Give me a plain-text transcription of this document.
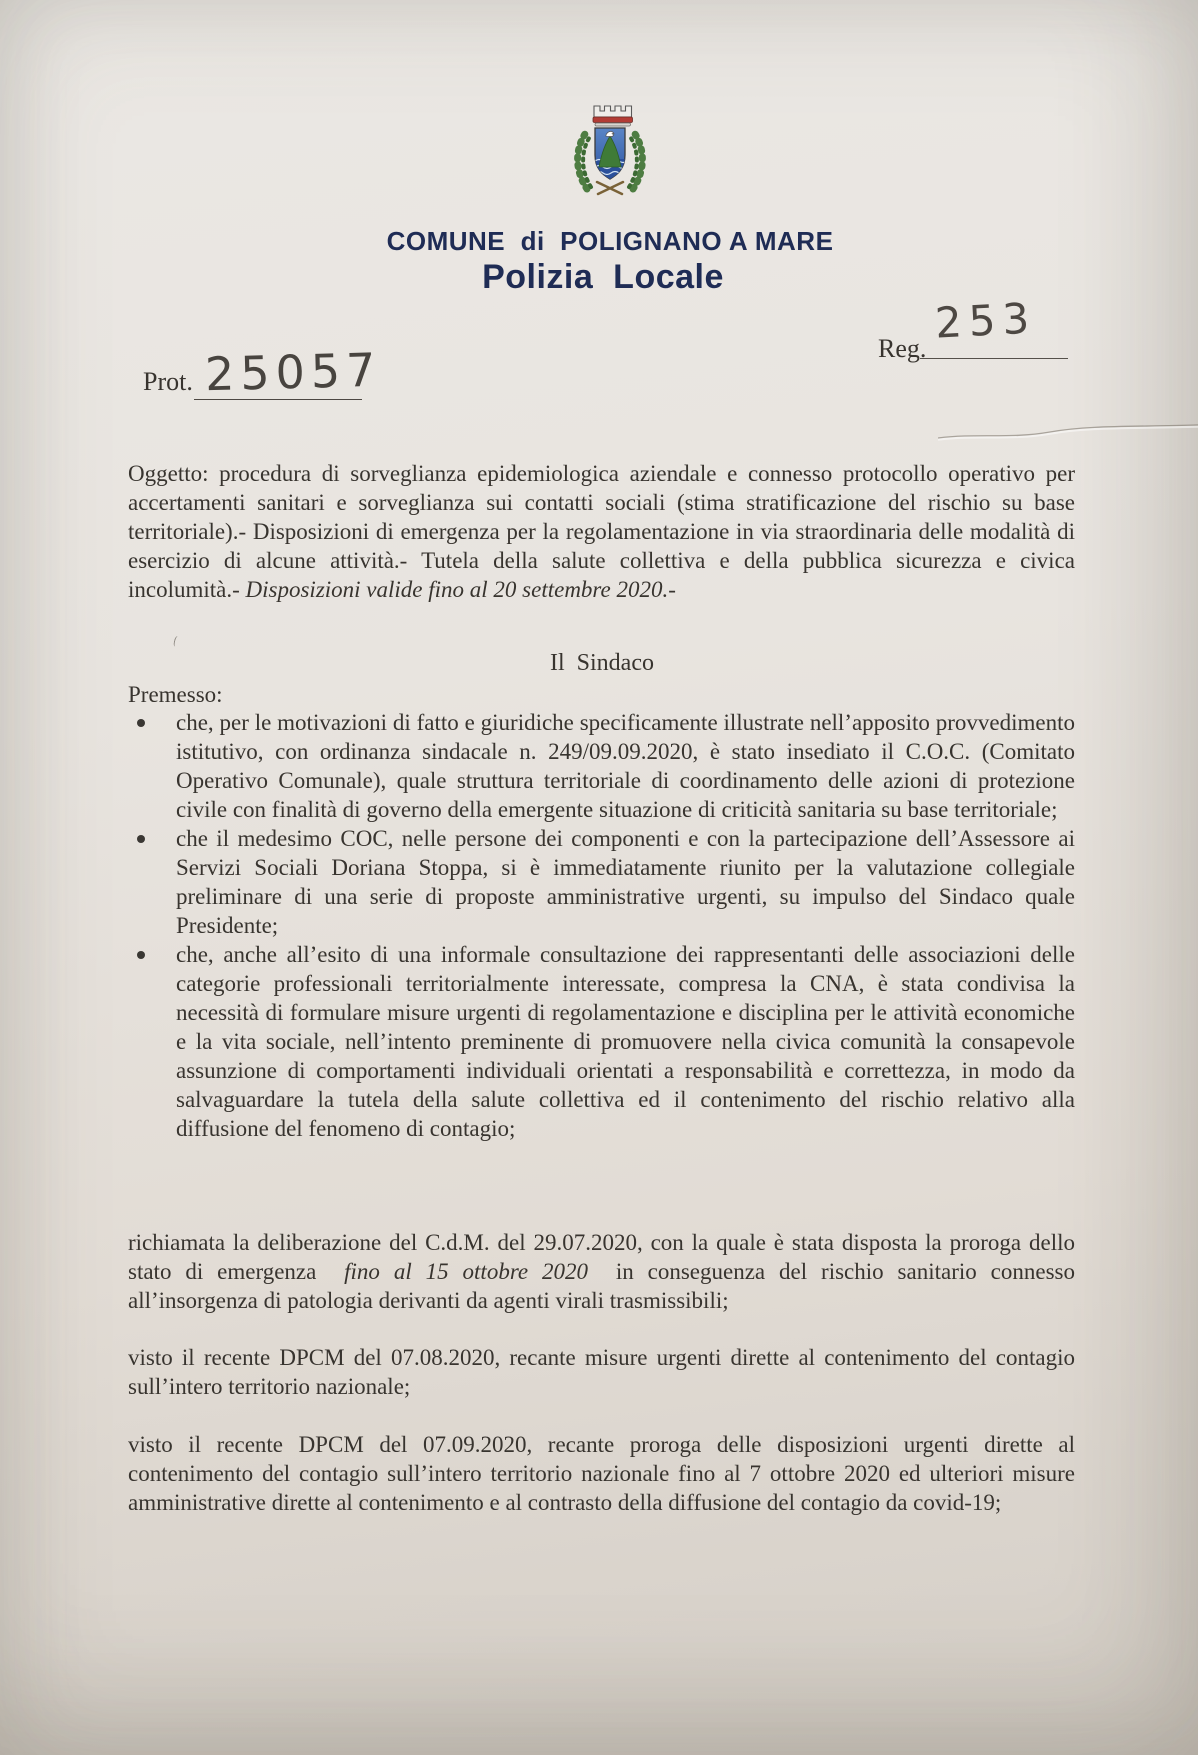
COMUNE  di  POLIGNANO A MARE
Polizia  Locale
Reg.
253
Prot. 25057

Oggetto: procedura di sorveglianza epidemiologica aziendale e connesso protocollo operativo per accertamenti sanitari e sorveglianza sui contatti sociali (stima stratificazione del rischio su base territoriale).- Disposizioni di emergenza per la regolamentazione in via straordinaria delle modalità di esercizio di alcune attività.- Tutela della salute collettiva e della pubblica sicurezza e civica incolumità.- Disposizioni valide fino al 20 settembre 2020.-

Il  Sindaco
Premesso:
che, per le motivazioni di fatto e giuridiche specificamente illustrate nell’apposito provvedimento istitutivo, con ordinanza sindacale n. 249/09.09.2020, è stato insediato il C.O.C. (Comitato Operativo Comunale), quale struttura territoriale di coordinamento delle azioni di protezione civile con finalità di governo della emergente situazione di criticità sanitaria su base territoriale;
che il medesimo COC, nelle persone dei componenti e con la partecipazione dell’Assessore ai Servizi Sociali Doriana Stoppa, si è immediatamente riunito per la valutazione collegiale preliminare di una serie di proposte amministrative urgenti, su impulso del Sindaco quale Presidente;
che, anche all’esito di una informale consultazione dei rappresentanti delle associazioni delle categorie professionali territorialmente interessate, compresa la CNA, è stata condivisa la necessità di formulare misure urgenti di regolamentazione e disciplina per le attività economiche e la vita sociale, nell’intento preminente di promuovere nella civica comunità la consapevole assunzione di comportamenti individuali orientati a responsabilità e correttezza, in modo da salvaguardare la tutela della salute collettiva ed il contenimento del rischio relativo alla diffusione del fenomeno di contagio;

richiamata la deliberazione del C.d.M. del 29.07.2020, con la quale è stata disposta la proroga dello stato di emergenza  fino al 15 ottobre 2020  in conseguenza del rischio sanitario connesso all’insorgenza di patologia derivanti da agenti virali trasmissibili;

visto il recente DPCM del 07.08.2020, recante misure urgenti dirette al contenimento del contagio sull’intero territorio nazionale;

visto il recente DPCM del 07.09.2020, recante proroga delle disposizioni urgenti dirette al contenimento del contagio sull’intero territorio nazionale fino al 7 ottobre 2020 ed ulteriori misure amministrative dirette al contenimento e al contrasto della diffusione del contagio da covid-19;
